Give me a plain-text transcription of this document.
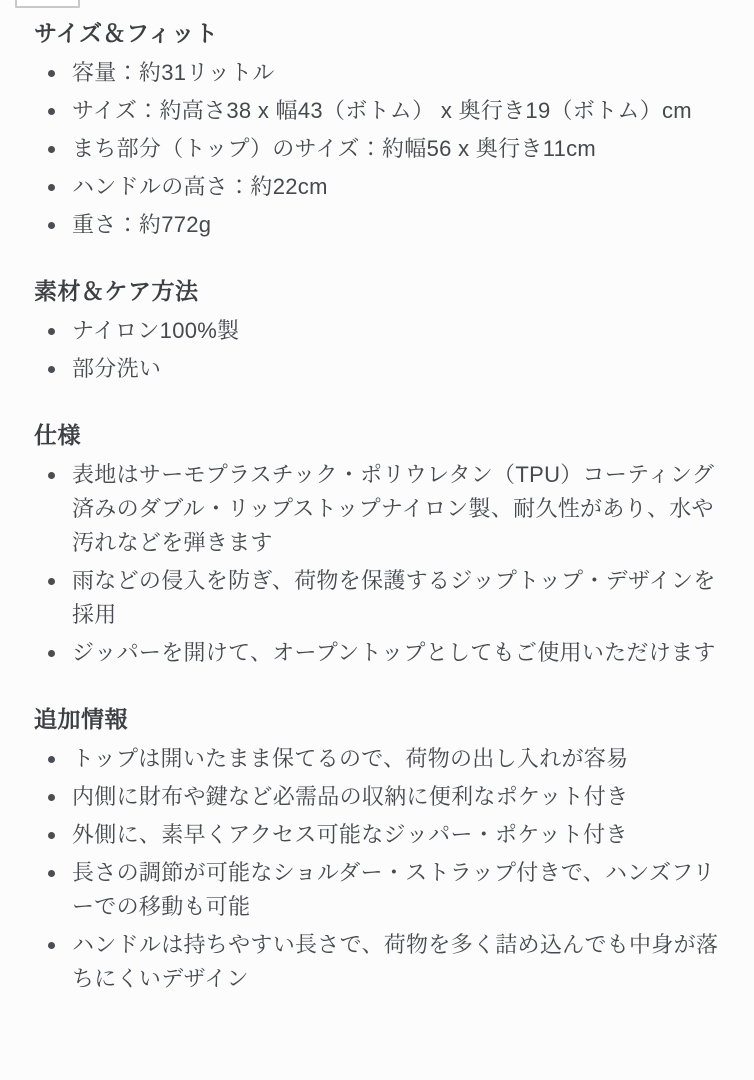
サイズ＆フィット
容量：約31リットル
サイズ：約高さ38 x 幅43（ボトム） x 奥行き19（ボトム）cm
まち部分（トップ）のサイズ：約幅56 x 奥行き11cm
ハンドルの高さ：約22cm
重さ：約772g
素材＆ケア方法
ナイロン100%製
部分洗い
仕様
表地はサーモプラスチック・ポリウレタン（TPU）コーティング済みのダブル・リップストップナイロン製、耐久性があり、水や汚れなどを弾きます
雨などの侵入を防ぎ、荷物を保護するジップトップ・デザインを採用
ジッパーを開けて、オープントップとしてもご使用いただけます
追加情報
トップは開いたまま保てるので、荷物の出し入れが容易
内側に財布や鍵など必需品の収納に便利なポケット付き
外側に、素早くアクセス可能なジッパー・ポケット付き
長さの調節が可能なショルダー・ストラップ付きで、ハンズフリーでの移動も可能
ハンドルは持ちやすい長さで、荷物を多く詰め込んでも中身が落ちにくいデザイン
